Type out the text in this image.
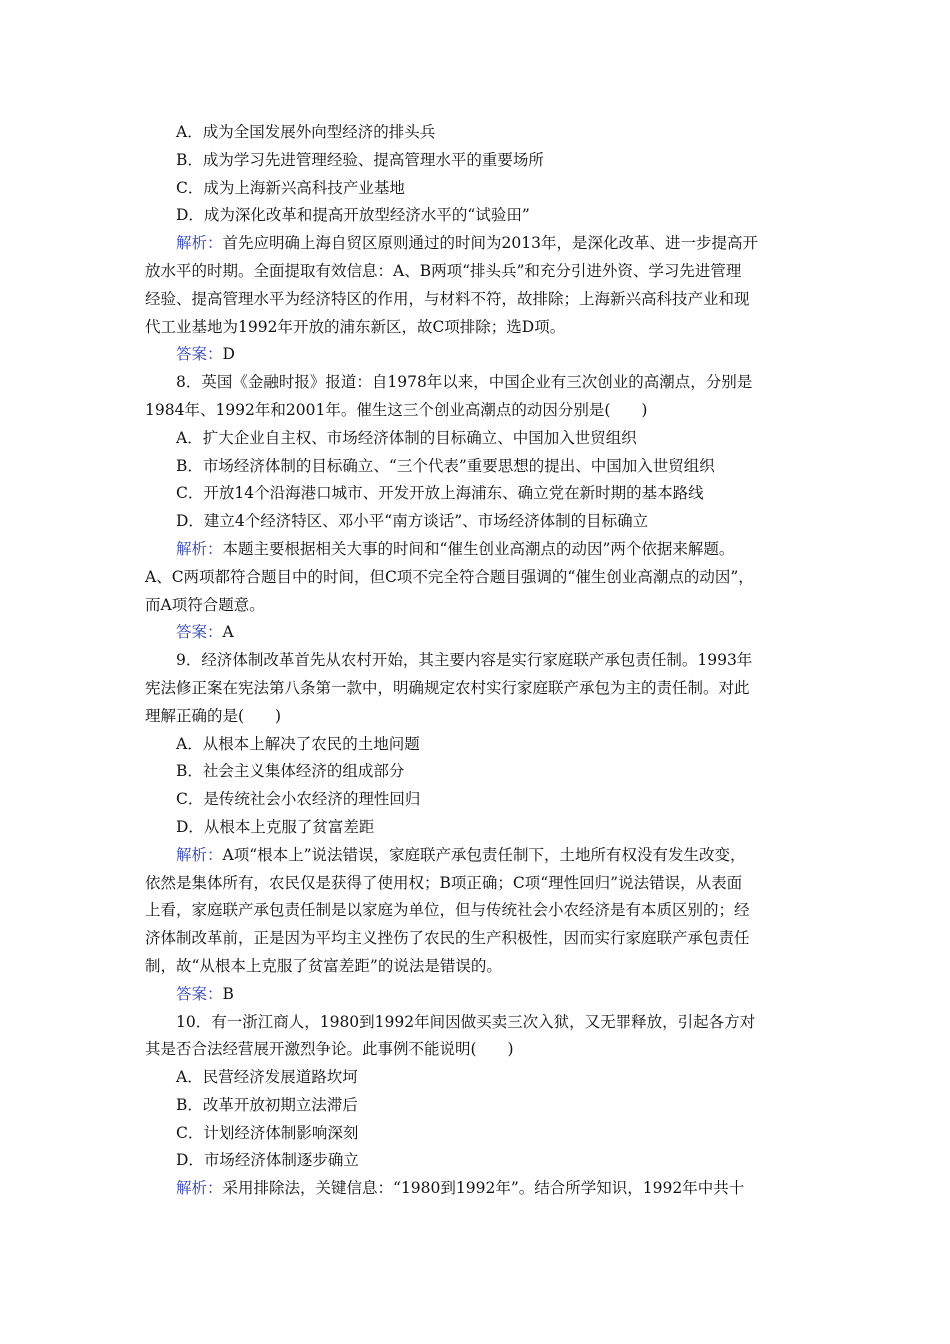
A．成为全国发展外向型经济的排头兵
B．成为学习先进管理经验、提高管理水平的重要场所
C．成为上海新兴高科技产业基地
D．成为深化改革和提高开放型经济水平的“试验田”
解析：首先应明确上海自贸区原则通过的时间为2013年，是深化改革、进一步提高开
放水平的时期。全面提取有效信息：A、B两项“排头兵”和充分引进外资、学习先进管理
经验、提高管理水平为经济特区的作用，与材料不符，故排除；上海新兴高科技产业和现
代工业基地为1992年开放的浦东新区，故C项排除；选D项。
答案：D
8．英国《金融时报》报道：自1978年以来，中国企业有三次创业的高潮点，分别是
1984年、1992年和2001年。催生这三个创业高潮点的动因分别是(　　)
A．扩大企业自主权、市场经济体制的目标确立、中国加入世贸组织
B．市场经济体制的目标确立、“三个代表”重要思想的提出、中国加入世贸组织
C．开放14个沿海港口城市、开发开放上海浦东、确立党在新时期的基本路线
D．建立4个经济特区、邓小平“南方谈话”、市场经济体制的目标确立
解析：本题主要根据相关大事的时间和“催生创业高潮点的动因”两个依据来解题。
A、C两项都符合题目中的时间，但C项不完全符合题目强调的“催生创业高潮点的动因”，
而A项符合题意。
答案：A
9．经济体制改革首先从农村开始，其主要内容是实行家庭联产承包责任制。1993年
宪法修正案在宪法第八条第一款中，明确规定农村实行家庭联产承包为主的责任制。对此
理解正确的是(　　)
A．从根本上解决了农民的土地问题
B．社会主义集体经济的组成部分
C．是传统社会小农经济的理性回归
D．从根本上克服了贫富差距
解析：A项“根本上”说法错误，家庭联产承包责任制下，土地所有权没有发生改变，
依然是集体所有，农民仅是获得了使用权；B项正确；C项“理性回归”说法错误，从表面
上看，家庭联产承包责任制是以家庭为单位，但与传统社会小农经济是有本质区别的；经
济体制改革前，正是因为平均主义挫伤了农民的生产积极性，因而实行家庭联产承包责任
制，故“从根本上克服了贫富差距”的说法是错误的。
答案：B
10．有一浙江商人，1980到1992年间因做买卖三次入狱，又无罪释放，引起各方对
其是否合法经营展开激烈争论。此事例不能说明(　　)
A．民营经济发展道路坎坷
B．改革开放初期立法滞后
C．计划经济体制影响深刻
D．市场经济体制逐步确立
解析：采用排除法，关键信息：“1980到1992年”。结合所学知识，1992年中共十
